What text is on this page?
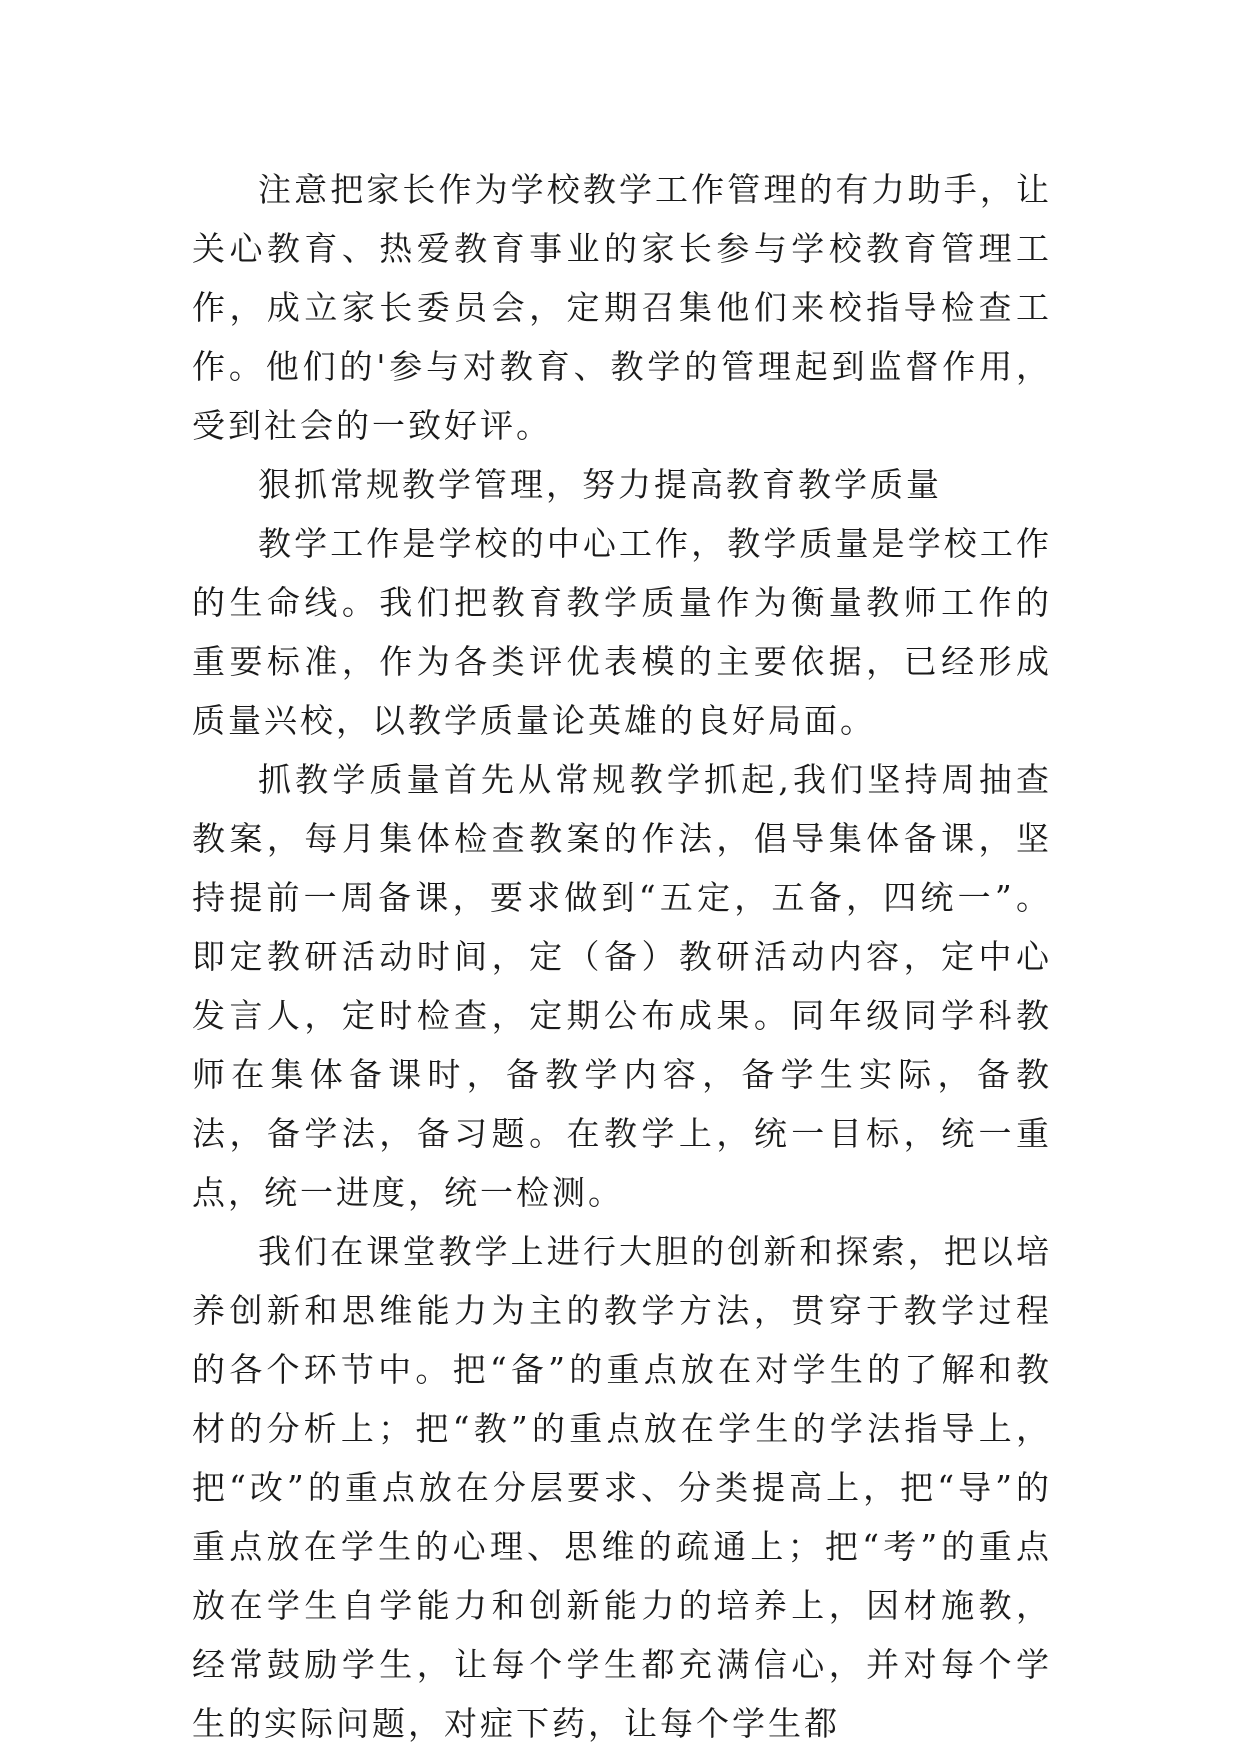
注意把家长作为学校教学工作管理的有力助手，让关心教育、热爱教育事业的家长参与学校教育管理工作，成立家长委员会，定期召集他们来校指导检查工作。他们的'参与对教育、教学的管理起到监督作用，受到社会的一致好评。

狠抓常规教学管理，努力提高教育教学质量

教学工作是学校的中心工作，教学质量是学校工作的生命线。我们把教育教学质量作为衡量教师工作的重要标准，作为各类评优表模的主要依据，已经形成质量兴校，以教学质量论英雄的良好局面。

抓教学质量首先从常规教学抓起,我们坚持周抽查教案，每月集体检查教案的作法，倡导集体备课，坚持提前一周备课，要求做到“五定，五备，四统一”。即定教研活动时间，定（备）教研活动内容，定中心发言人，定时检查，定期公布成果。同年级同学科教师在集体备课时，备教学内容，备学生实际，备教法，备学法，备习题。在教学上，统一目标，统一重点，统一进度，统一检测。

我们在课堂教学上进行大胆的创新和探索，把以培养创新和思维能力为主的教学方法，贯穿于教学过程的各个环节中。把“备”的重点放在对学生的了解和教材的分析上；把“教”的重点放在学生的学法指导上，把“改”的重点放在分层要求、分类提高上，把“导”的重点放在学生的心理、思维的疏通上；把“考”的重点放在学生自学能力和创新能力的培养上，因材施教，经常鼓励学生，让每个学生都充满信心，并对每个学生的实际问题，对症下药，让每个学生都
